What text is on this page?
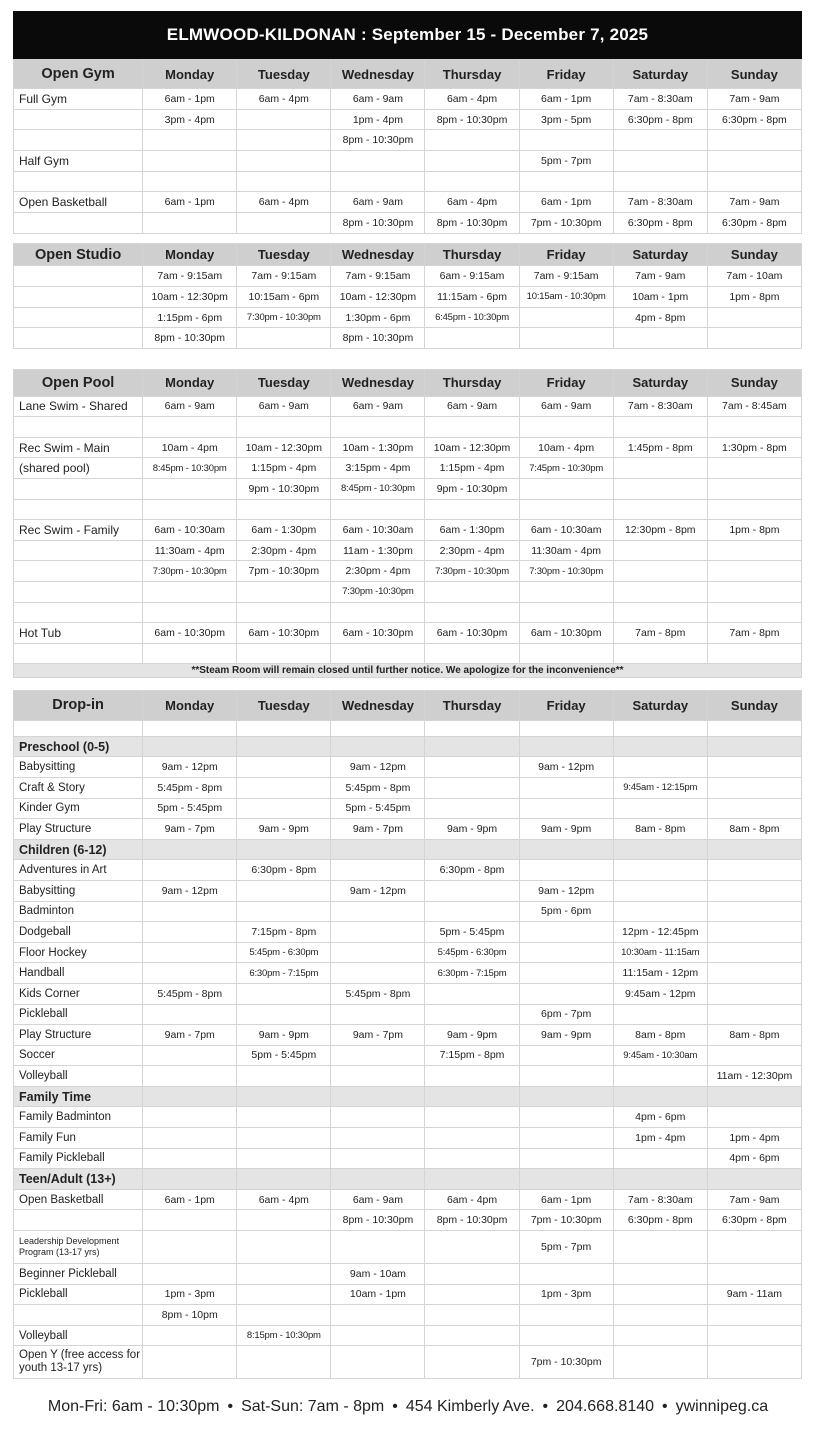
ELMWOOD-KILDONAN : September 15 - December 7, 2025
Open Gym	Monday	Tuesday	Wednesday	Thursday	Friday	Saturday	Sunday
Full Gym	6am - 1pm	6am - 4pm	6am - 9am	6am - 4pm	6am - 1pm	7am - 8:30am	7am - 9am
	3pm - 4pm		1pm - 4pm	8pm - 10:30pm	3pm - 5pm	6:30pm - 8pm	6:30pm - 8pm
			8pm - 10:30pm				
Half Gym					5pm - 7pm		

Open Basketball	6am - 1pm	6am - 4pm	6am - 9am	6am - 4pm	6am - 1pm	7am - 8:30am	7am - 9am
			8pm - 10:30pm	8pm - 10:30pm	7pm - 10:30pm	6:30pm - 8pm	6:30pm - 8pm

Open Studio	Monday	Tuesday	Wednesday	Thursday	Friday	Saturday	Sunday
	7am - 9:15am	7am - 9:15am	7am - 9:15am	6am - 9:15am	7am - 9:15am	7am - 9am	7am - 10am
	10am - 12:30pm	10:15am - 6pm	10am - 12:30pm	11:15am - 6pm	10:15am - 10:30pm	10am - 1pm	1pm - 8pm
	1:15pm - 6pm	7:30pm - 10:30pm	1:30pm - 6pm	6:45pm - 10:30pm		4pm - 8pm	
	8pm - 10:30pm		8pm - 10:30pm				

Open Pool	Monday	Tuesday	Wednesday	Thursday	Friday	Saturday	Sunday
Lane Swim - Shared	6am - 9am	6am - 9am	6am - 9am	6am - 9am	6am - 9am	7am - 8:30am	7am - 8:45am

Rec Swim - Main	10am - 4pm	10am - 12:30pm	10am - 1:30pm	10am - 12:30pm	10am - 4pm	1:45pm - 8pm	1:30pm - 8pm
(shared pool)	8:45pm - 10:30pm	1:15pm - 4pm	3:15pm - 4pm	1:15pm - 4pm	7:45pm - 10:30pm		
		9pm - 10:30pm	8:45pm - 10:30pm	9pm - 10:30pm			

Rec Swim - Family	6am - 10:30am	6am - 1:30pm	6am - 10:30am	6am - 1:30pm	6am - 10:30am	12:30pm - 8pm	1pm - 8pm
	11:30am - 4pm	2:30pm - 4pm	11am - 1:30pm	2:30pm - 4pm	11:30am - 4pm		
	7:30pm - 10:30pm	7pm - 10:30pm	2:30pm - 4pm	7:30pm - 10:30pm	7:30pm - 10:30pm		
			7:30pm -10:30pm				

Hot Tub	6am - 10:30pm	6am - 10:30pm	6am - 10:30pm	6am - 10:30pm	6am - 10:30pm	7am - 8pm	7am - 8pm

**Steam Room will remain closed until further notice. We apologize for the inconvenience**							

Drop-in	Monday	Tuesday	Wednesday	Thursday	Friday	Saturday	Sunday

Preschool (0-5)							
Babysitting	9am - 12pm		9am - 12pm		9am - 12pm		
Craft & Story	5:45pm - 8pm		5:45pm - 8pm			9:45am - 12:15pm	
Kinder Gym	5pm - 5:45pm		5pm - 5:45pm				
Play Structure	9am - 7pm	9am - 9pm	9am - 7pm	9am - 9pm	9am - 9pm	8am - 8pm	8am - 8pm
Children (6-12)							
Adventures in Art		6:30pm - 8pm		6:30pm - 8pm			
Babysitting	9am - 12pm		9am - 12pm		9am - 12pm		
Badminton					5pm - 6pm		
Dodgeball		7:15pm - 8pm		5pm - 5:45pm		12pm - 12:45pm	
Floor Hockey		5:45pm - 6:30pm		5:45pm - 6:30pm		10:30am - 11:15am	
Handball		6:30pm - 7:15pm		6:30pm - 7:15pm		11:15am - 12pm	
Kids Corner	5:45pm - 8pm		5:45pm - 8pm			9:45am - 12pm	
Pickleball					6pm - 7pm		
Play Structure	9am - 7pm	9am - 9pm	9am - 7pm	9am - 9pm	9am - 9pm	8am - 8pm	8am - 8pm
Soccer		5pm - 5:45pm		7:15pm - 8pm		9:45am - 10:30am	
Volleyball							11am - 12:30pm
Family Time							
Family Badminton						4pm - 6pm	
Family Fun						1pm - 4pm	1pm - 4pm
Family Pickleball							4pm - 6pm
Teen/Adult (13+)							
Open Basketball	6am - 1pm	6am - 4pm	6am - 9am	6am - 4pm	6am - 1pm	7am - 8:30am	7am - 9am
			8pm - 10:30pm	8pm - 10:30pm	7pm - 10:30pm	6:30pm - 8pm	6:30pm - 8pm
Leadership Development Program (13-17 yrs)					5pm - 7pm		
Beginner Pickleball			9am - 10am				
Pickleball	1pm - 3pm		10am - 1pm		1pm - 3pm		9am - 11am
	8pm - 10pm						
Volleyball		8:15pm - 10:30pm					
Open Y (free access for youth 13-17 yrs)					7pm - 10:30pm		
Mon-Fri: 6am - 10:30pm • Sat-Sun: 7am - 8pm • 454 Kimberly Ave. • 204.668.8140 • ywinnipeg.ca
